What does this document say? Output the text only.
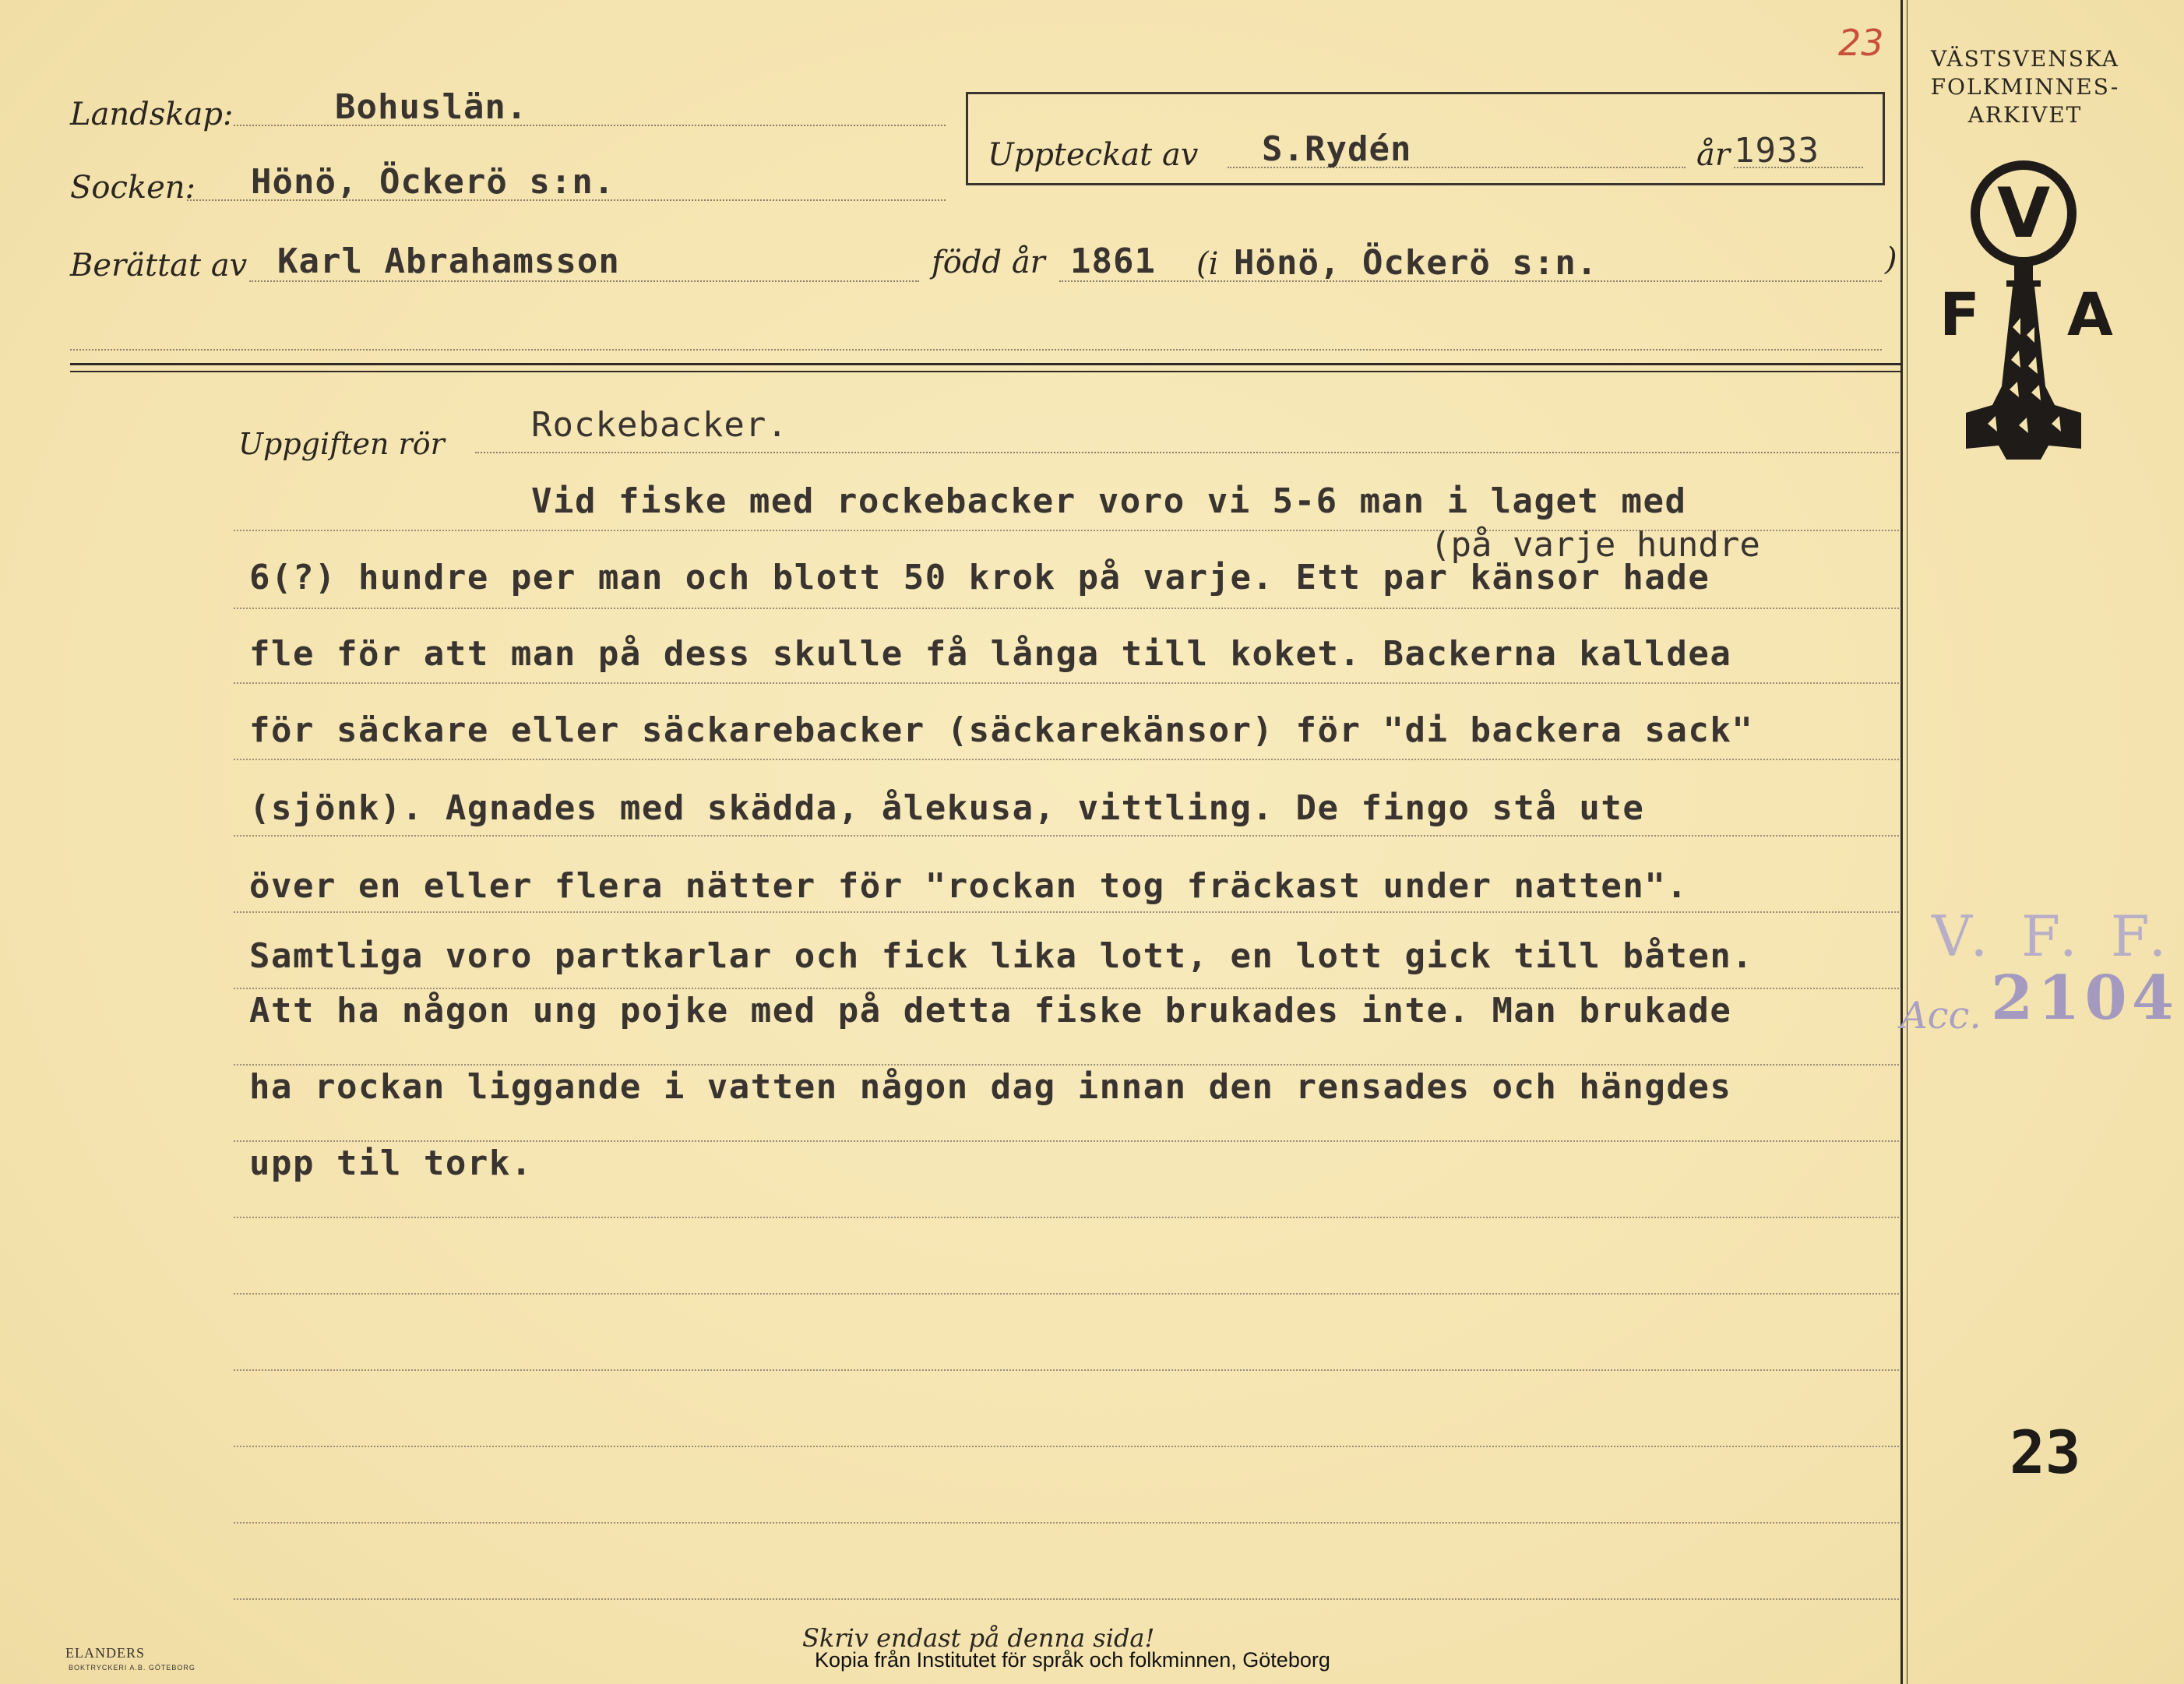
Landskap:	Bohuslän.
Socken: Hönö, Öckerö s:n.
Berättat av Karl Abrahamsson	född år 1861 (i Hönö, Öckerö s:n.	)
Uppteckat av S.Rydén	år 1933
23	VÄSTSVENSKA
FOLKMINNES-
ARKIVET
V
F A
V. F. F.
Acc. 2104
23
Uppgiften rör	Rockebacker.
Vid fiske med rockebacker voro vi 5-6 man i laget med
(på varje hundre
6(?) hundre per man och blott 50 krok på varje. Ett par känsor hade
fle för att man på dess skulle få långa till koket. Backerna kalldea
för säckare eller säckarebacker (säckarekänsor) för "di backera sack"
(sjönk). Agnades med skädda, ålekusa, vittling. De fingo stå ute
över en eller flera nätter för "rockan tog fräckast under natten".
Samtliga voro partkarlar och fick lika lott, en lott gick till båten.
Att ha någon ung pojke med på detta fiske brukades inte. Man brukade
ha rockan liggande i vatten någon dag innan den rensades och hängdes
upp til tork.
Skriv endast på denna sida!
Kopia från Institutet för språk och folkminnen, Göteborg
ELANDERS
BOKTRYCKERI A.B. GÖTEBORG
